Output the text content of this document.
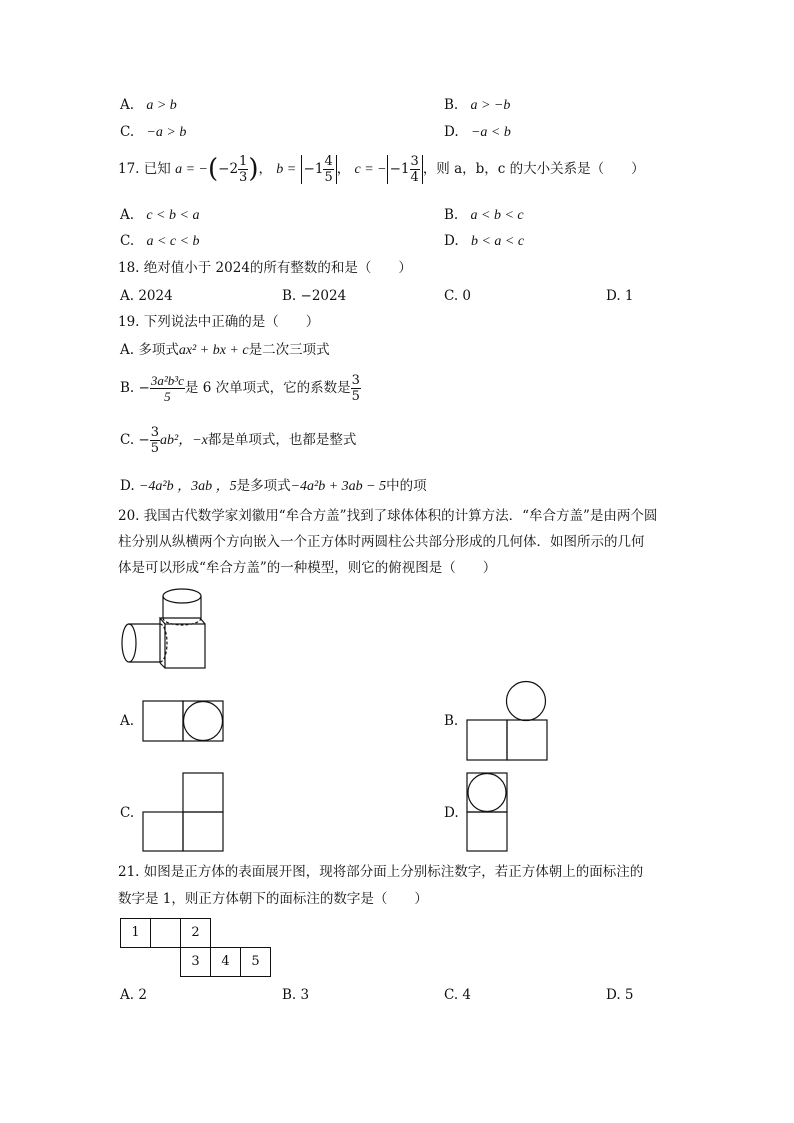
A. a > b	B. a > −b
C. −a > b	D. −a < b
17. 已知 $a = -(-2 \frac{1}{3}$ )， $b = -1 \frac{4}{5}$ ， c = − $-1 \frac{3}{4}$ ，则 a，b，c 的大小关系是（　　）
A. c < b < a	B. a < b < c
C. a < c < b	D. b < a < c
18. 绝对值小于 2024的所有整数的和是（　　）
A. 2024	B. −2024	C. 0	D. 1
19. 下列说法中正确的是（　　）
A. 多项式ax² + bx + c是二次三项式
B. − $\frac{\text{3a²b³c}}{5}$ 是 6 次单项式，它的系数是 $\frac{3}{5}$
C. − $\frac{3}{5} ab^2$，−x都是单项式，也都是整式
D. −4a²b ，3ab ，5是多项式−4a²b + 3ab − 5中的项
20. 我国古代数学家刘徽用“牟合方盖”找到了球体体积的计算方法．“牟合方盖”是由两个圆
柱分别从纵横两个方向嵌入一个正方体时两圆柱公共部分形成的几何体．如图所示的几何
体是可以形成“牟合方盖”的一种模型，则它的俯视图是（　　）
A.	B.
C.	D.
21. 如图是正方体的表面展开图，现将部分面上分别标注数字，若正方体朝上的面标注的
数字是 1，则正方体朝下的面标注的数字是（　　）
1		2		
		3	4	5
A. 2	B. 3	C. 4	D. 5
